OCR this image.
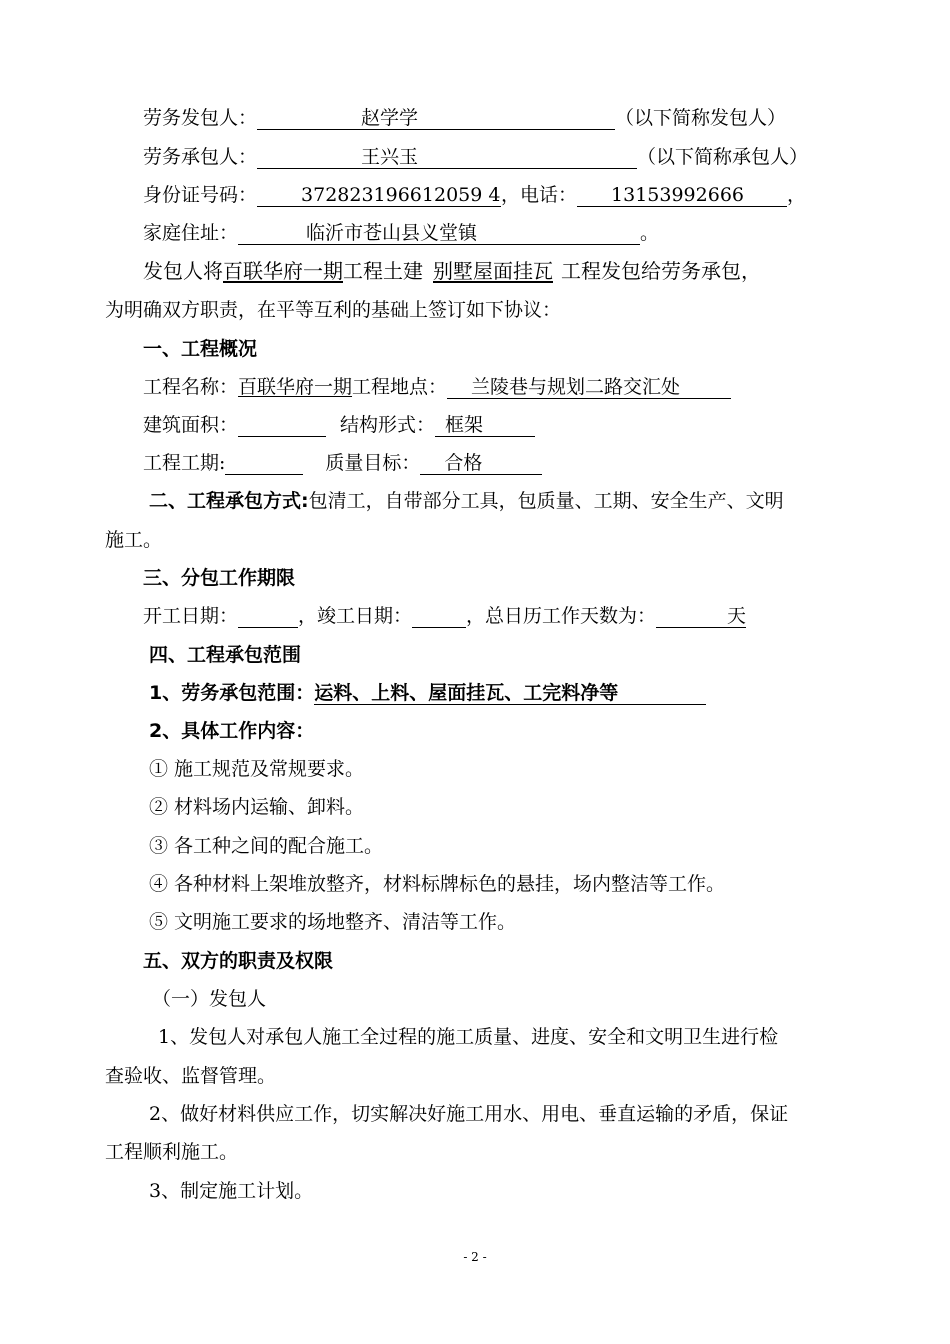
劳务发包人：	赵学学	（以下简称发包人）

劳务承包人：	王兴玉	（以下简称承包人）

身份证号码： 372823196612059 4，电话： 13153992666 ，

家庭住址：	临沂市苍山县义堂镇	。

发包人将百联华府一期工程土建 别墅屋面挂瓦 工程发包给劳务承包，

为明确双方职责，在平等互利的基础上签订如下协议：

一、工程概况

工程名称：百联华府一期工程地点： 兰陵巷与规划二路交汇处

建筑面积：	结构形式： 框架

工程工期:	质量目标： 合格

二、工程承包方式:包清工，自带部分工具，包质量、工期、安全生产、文明

施工。

三、分包工作期限

开工日期：	，竣工日期：	，总日历工作天数为：	天

四、工程承包范围

1、劳务承包范围：运料、上料、屋面挂瓦、工完料净等

2、具体工作内容：

① 施工规范及常规要求。

② 材料场内运输、卸料。

③ 各工种之间的配合施工。

④ 各种材料上架堆放整齐，材料标牌标色的悬挂，场内整洁等工作。

⑤ 文明施工要求的场地整齐、清洁等工作。

五、双方的职责及权限

（一）发包人

1、发包人对承包人施工全过程的施工质量、进度、安全和文明卫生进行检

查验收、监督管理。

2、做好材料供应工作，切实解决好施工用水、用电、垂直运输的矛盾，保证

工程顺利施工。

3、制定施工计划。

- 2 -
